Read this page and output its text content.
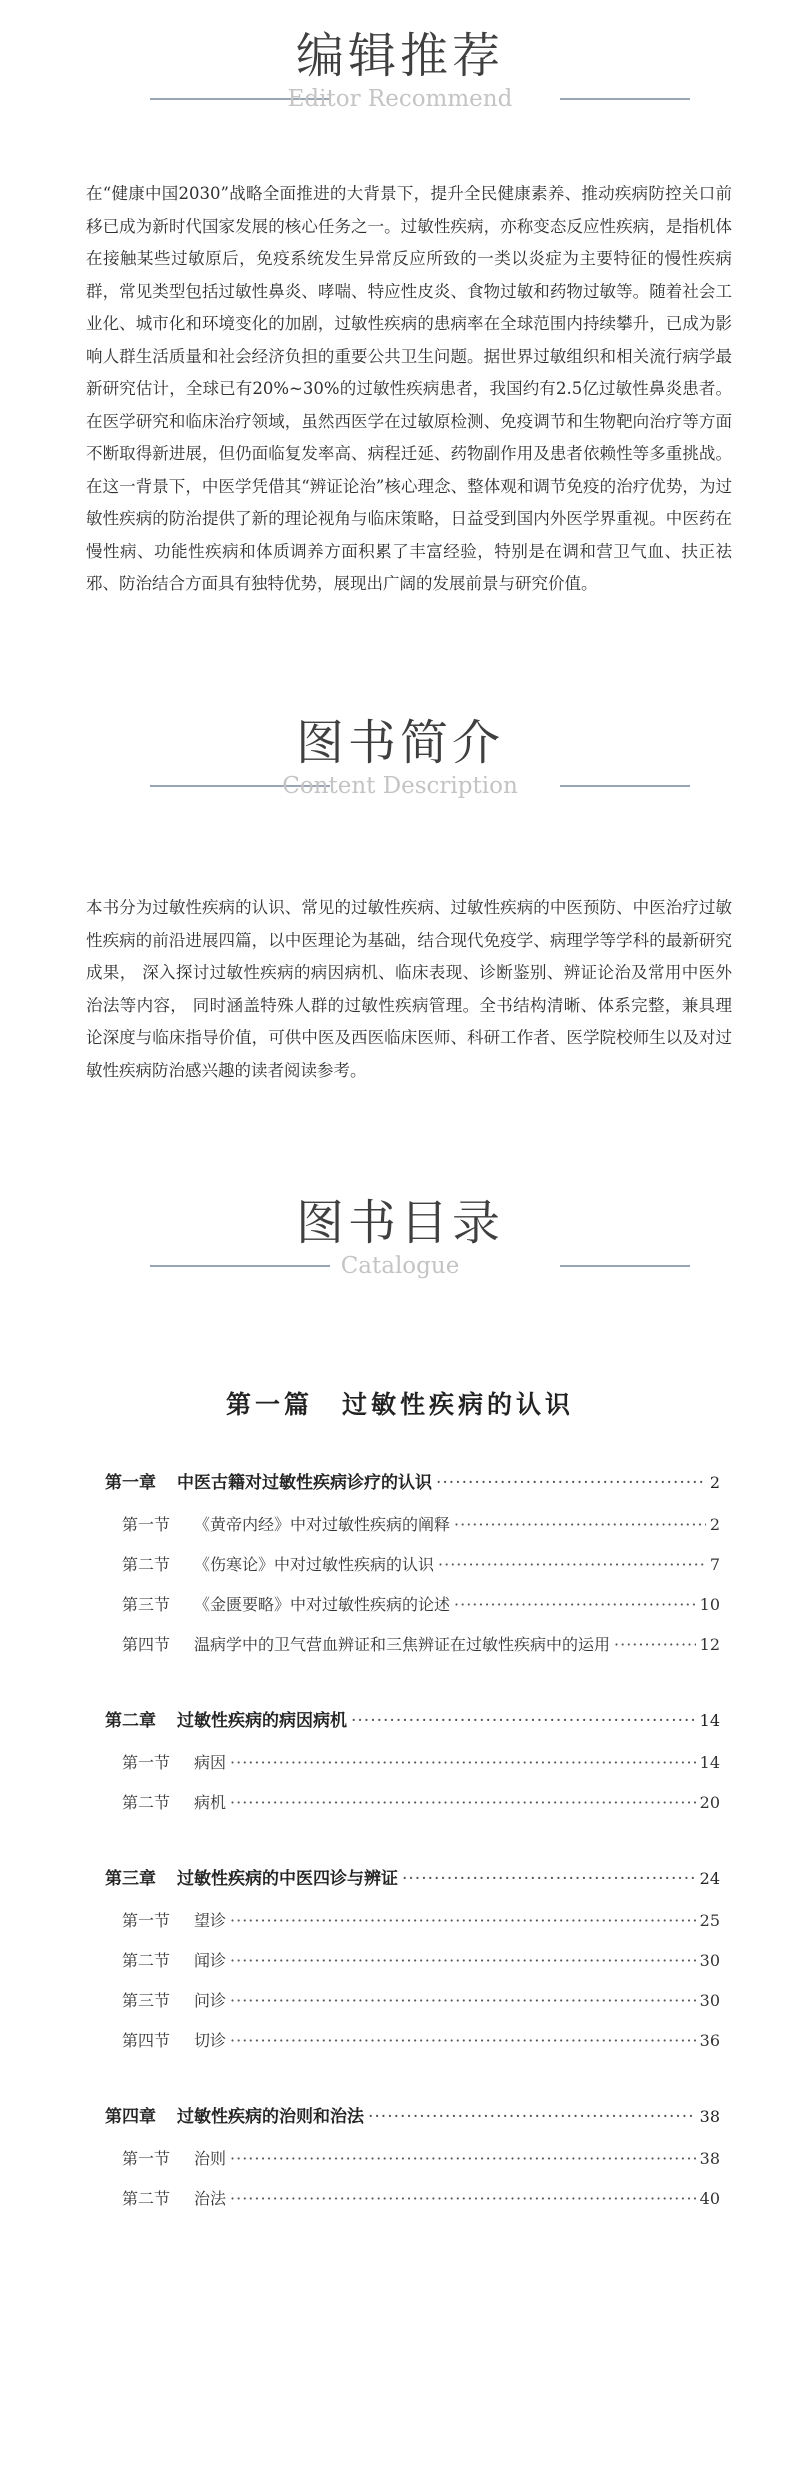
编辑推荐
Editor Recommend

在“健康中国2030”战略全面推进的大背景下，提升全民健康素养、推动疾病防控关口前移已成为新时代国家发展的核心任务之一。过敏性疾病，亦称变态反应性疾病，是指机体在接触某些过敏原后，免疫系统发生异常反应所致的一类以炎症为主要特征的慢性疾病群，常见类型包括过敏性鼻炎、哮喘、特应性皮炎、食物过敏和药物过敏等。随着社会工业化、城市化和环境变化的加剧，过敏性疾病的患病率在全球范围内持续攀升，已成为影响人群生活质量和社会经济负担的重要公共卫生问题。据世界过敏组织和相关流行病学最新研究估计，全球已有20%~30%的过敏性疾病患者，我国约有2.5亿过敏性鼻炎患者。在医学研究和临床治疗领域，虽然西医学在过敏原检测、免疫调节和生物靶向治疗等方面不断取得新进展，但仍面临复发率高、病程迁延、药物副作用及患者依赖性等多重挑战。在这一背景下，中医学凭借其“辨证论治”核心理念、整体观和调节免疫的治疗优势，为过敏性疾病的防治提供了新的理论视角与临床策略，日益受到国内外医学界重视。中医药在慢性病、功能性疾病和体质调养方面积累了丰富经验，特别是在调和营卫气血、扶正祛邪、防治结合方面具有独特优势，展现出广阔的发展前景与研究价值。

图书简介
Content Description

本书分为过敏性疾病的认识、常见的过敏性疾病、过敏性疾病的中医预防、中医治疗过敏性疾病的前沿进展四篇，以中医理论为基础，结合现代免疫学、病理学等学科的最新研究成果， 深入探讨过敏性疾病的病因病机、临床表现、诊断鉴别、辨证论治及常用中医外治法等内容， 同时涵盖特殊人群的过敏性疾病管理。全书结构清晰、体系完整，兼具理论深度与临床指导价值，可供中医及西医临床医师、科研工作者、医学院校师生以及对过敏性疾病防治感兴趣的读者阅读参考。

图书目录
Catalogue
第一篇　过敏性疾病的认识
第一章	中医古籍对过敏性疾病诊疗的认识 ·····	2
第一节	《黄帝内经》中对过敏性疾病的阐释 ·····	2
第二节	《伤寒论》中对过敏性疾病的认识 ·····	7
第三节	《金匮要略》中对过敏性疾病的论述 ·····	10
第四节	温病学中的卫气营血辨证和三焦辨证在过敏性疾病中的运用 ·····	12
第二章	过敏性疾病的病因病机 ·····	14
第一节	病因 ·····	14
第二节	病机 ·····	20
第三章	过敏性疾病的中医四诊与辨证 ·····	24
第一节	望诊 ·····	25
第二节	闻诊 ·····	30
第三节	问诊 ·····	30
第四节	切诊 ·····	36
第四章	过敏性疾病的治则和治法 ·····	38
第一节	治则 ·····	38
第二节	治法 ·····	40
